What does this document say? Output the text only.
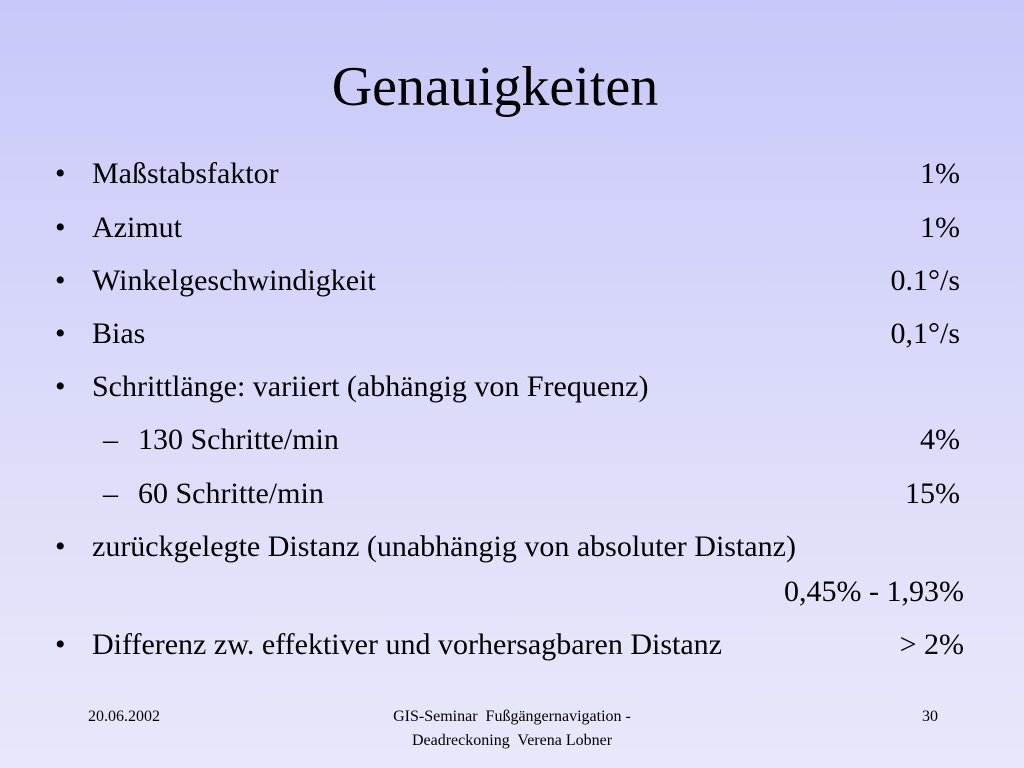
Genauigkeiten
• Maßstabsfaktor	1%
• Azimut	1%
• Winkelgeschwindigkeit	0.1°/s
• Bias	0,1°/s
• Schrittlänge: variiert (abhängig von Frequenz)
– 130 Schritte/min	4%
– 60 Schritte/min	15%
• zurückgelegte Distanz (unabhängig von absoluter Distanz)
0,45% - 1,93%
• Differenz zw. effektiver und vorhersagbaren Distanz	> 2%
20.06.2002	GIS-Seminar  Fußgängernavigation -
Deadreckoning  Verena Lobner
30
